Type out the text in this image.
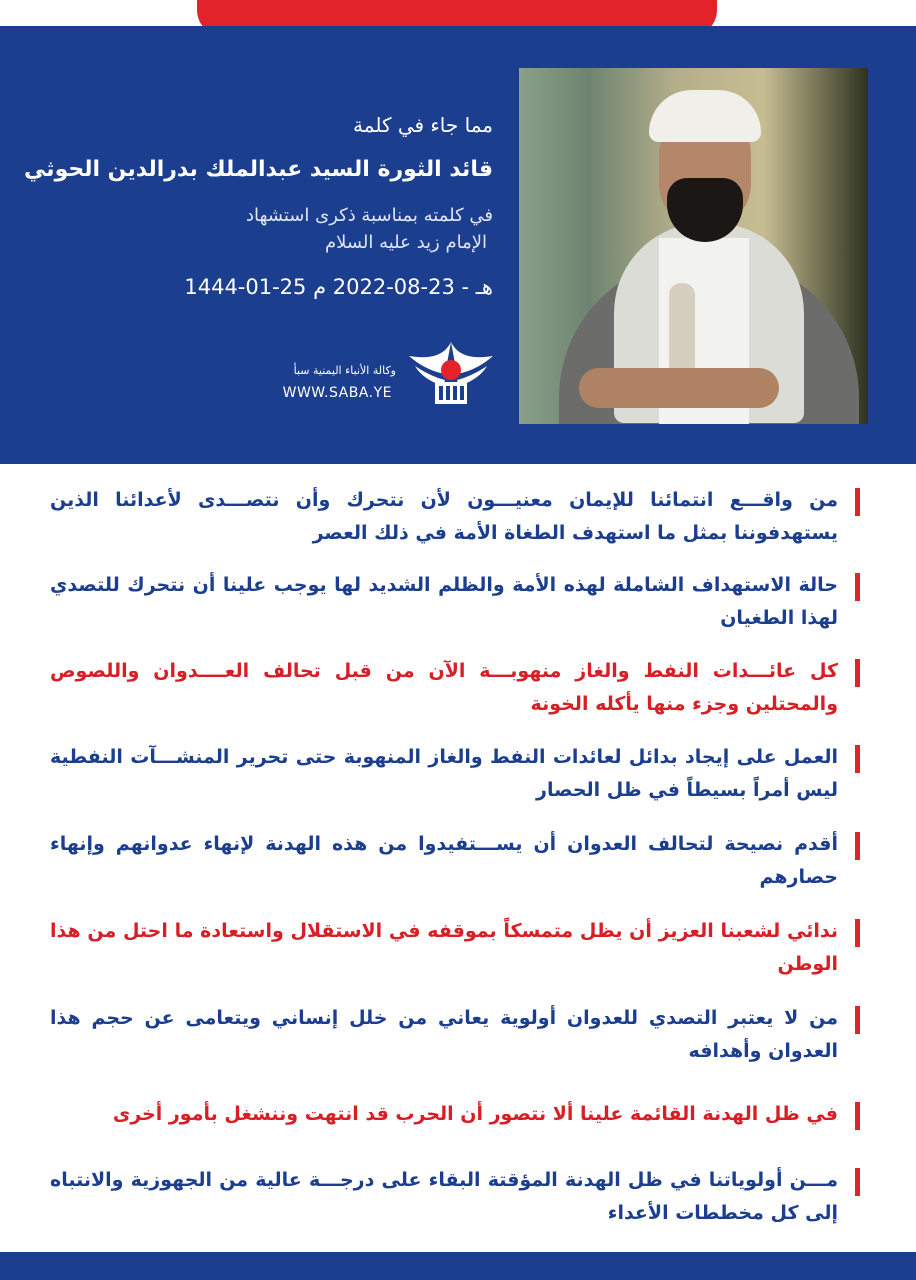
مما جاء في كلمة
قائد الثورة السيد عبدالملك بدرالدين الحوثي
في كلمته بمناسبة ذكرى استشهاد
الإمام زيد عليه السلام
1444-01-25 هـ - 23-08-2022 م
وكالة الأنباء اليمنية سبأ
WWW.SABA.YE
من واقـــع انتمائنا للإيمان معنيـــون لأن نتحرك وأن نتصـــدى لأعدائنا الذين يستهدفوننا بمثل ما استهدف الطغاة الأمة في ذلك العصر
حالة الاستهداف الشاملة لهذه الأمة والظلم الشديد لها يوجب علينا أن نتحرك للتصدي لهذا الطغيان
كل عائـــدات النفط والغاز منهوبـــة الآن من قبل تحالف العــــدوان واللصوص والمحتلين وجزء منها يأكله الخونة
العمل على إيجاد بدائل لعائدات النفط والغاز المنهوبة حتى تحرير المنشـــآت النفطية ليس أمراً بسيطاً في ظل الحصار
أقدم نصيحة لتحالف العدوان أن يســـتفيدوا من هذه الهدنة لإنهاء عدوانهم وإنهاء حصارهم
ندائي لشعبنا العزيز أن يظل متمسكاً بموقفه في الاستقلال واستعادة ما احتل من هذا الوطن
من لا يعتبر التصدي للعدوان أولوية يعاني من خلل إنساني ويتعامى عن حجم هذا العدوان وأهدافه
في ظل الهدنة القائمة علينا ألا نتصور أن الحرب قد انتهت وننشغل بأمور أخرى
مـــن أولوياتنا في ظل الهدنة المؤقتة البقاء على درجـــة عالية من الجهوزية والانتباه إلى كل مخططات الأعداء
